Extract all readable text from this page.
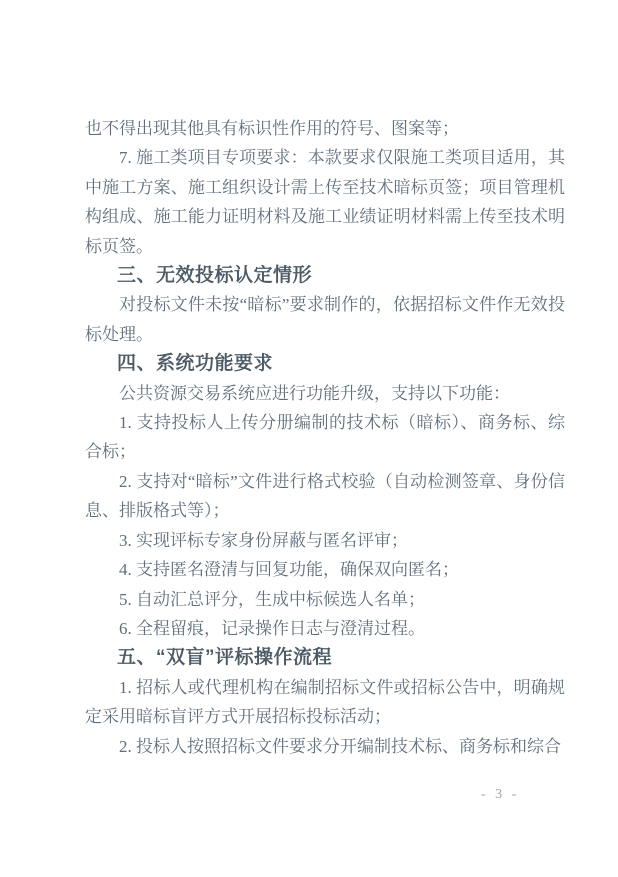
也不得出现其他具有标识性作用的符号、图案等；

7. 施工类项目专项要求：本款要求仅限施工类项目适用，其中施工方案、施工组织设计需上传至技术暗标页签；项目管理机构组成、施工能力证明材料及施工业绩证明材料需上传至技术明标页签。

三、无效投标认定情形

对投标文件未按“暗标”要求制作的，依据招标文件作无效投标处理。

四、系统功能要求

公共资源交易系统应进行功能升级，支持以下功能：

1. 支持投标人上传分册编制的技术标（暗标）、商务标、综合标；

2. 支持对“暗标”文件进行格式校验（自动检测签章、身份信息、排版格式等）；

3. 实现评标专家身份屏蔽与匿名评审；

4. 支持匿名澄清与回复功能，确保双向匿名；

5. 自动汇总评分，生成中标候选人名单；

6. 全程留痕，记录操作日志与澄清过程。

五、“双盲”评标操作流程

1. 招标人或代理机构在编制招标文件或招标公告中，明确规定采用暗标盲评方式开展招标投标活动；

2. 投标人按照招标文件要求分开编制技术标、商务标和综合

- 3 -
